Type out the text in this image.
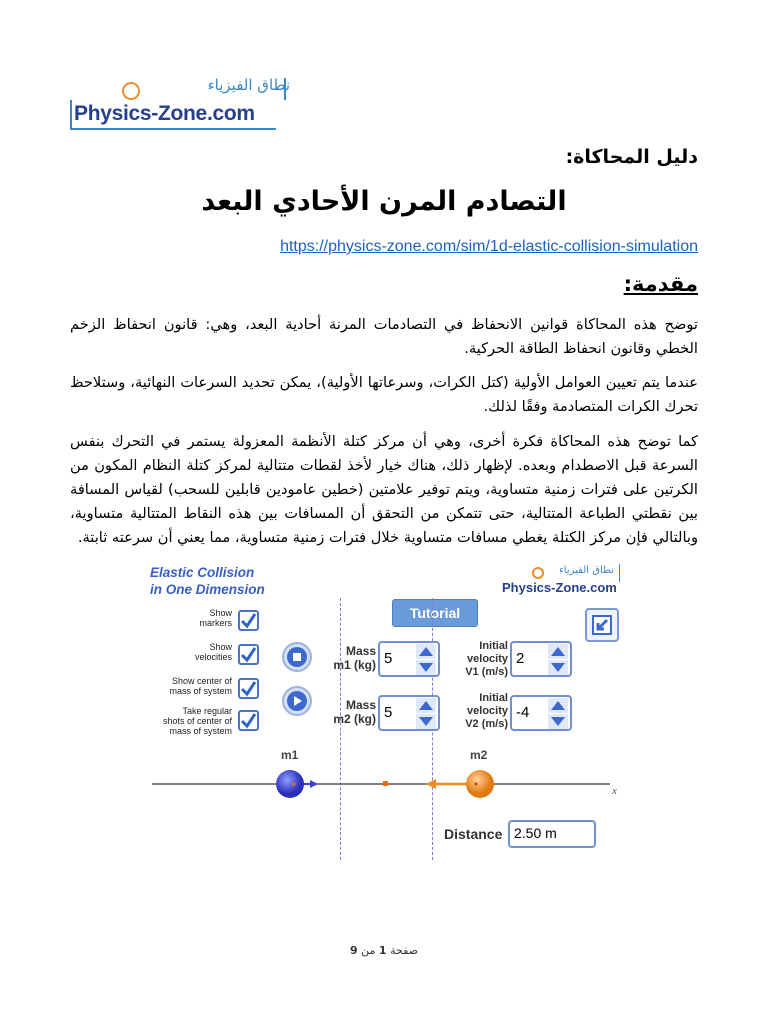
نطاق الفيزياء
Physics-Zone.com
دليل المحاكاة:
التصادم المرن الأحادي البعد
https://physics-zone.com/sim/1d-elastic-collision-simulation
مقدمة:
توضح هذه المحاكاة قوانين الانحفاظ في التصادمات المرنة أحادية البعد، وهي: قانون انحفاظ الزخم الخطي وقانون انحفاظ الطاقة الحركية.
عندما يتم تعيين العوامل الأولية (كتل الكرات، وسرعاتها الأولية)، يمكن تحديد السرعات النهائية، وستلاحظ تحرك الكرات المتصادمة وفقًا لذلك.
كما توضح هذه المحاكاة فكرة أخرى، وهي أن مركز كتلة الأنظمة المعزولة يستمر في التحرك بنفس السرعة قبل الاصطدام وبعده. لإظهار ذلك، هناك خيار لأخذ لقطات متتالية لمركز كتلة النظام المكون من الكرتين على فترات زمنية متساوية، ويتم توفير علامتين (خطين عامودين قابلين للسحب) لقياس المسافة بين نقطتي الطباعة المتتالية، حتى تتمكن من التحقق أن المسافات بين هذه النقاط المتتالية متساوية، وبالتالي فإن مركز الكتلة يغطي مسافات متساوية خلال فترات زمنية متساوية، مما يعني أن سرعته ثابتة.
Elastic Collision
in One Dimension
نطاق الفيزياء
Physics-Zone.com
Tutorial
Show
markers
Show
velocities
Show center of
mass of system
Take regular
shots of center of
mass of system
Mass
m1 (kg) 5
Mass
m2 (kg) 5
Initial
velocity
V1 (m/s)
2
Initial
velocity
V2 (m/s)
-4
m1	m2
x
Distance 2.50 m
صفحة 1 من 9
